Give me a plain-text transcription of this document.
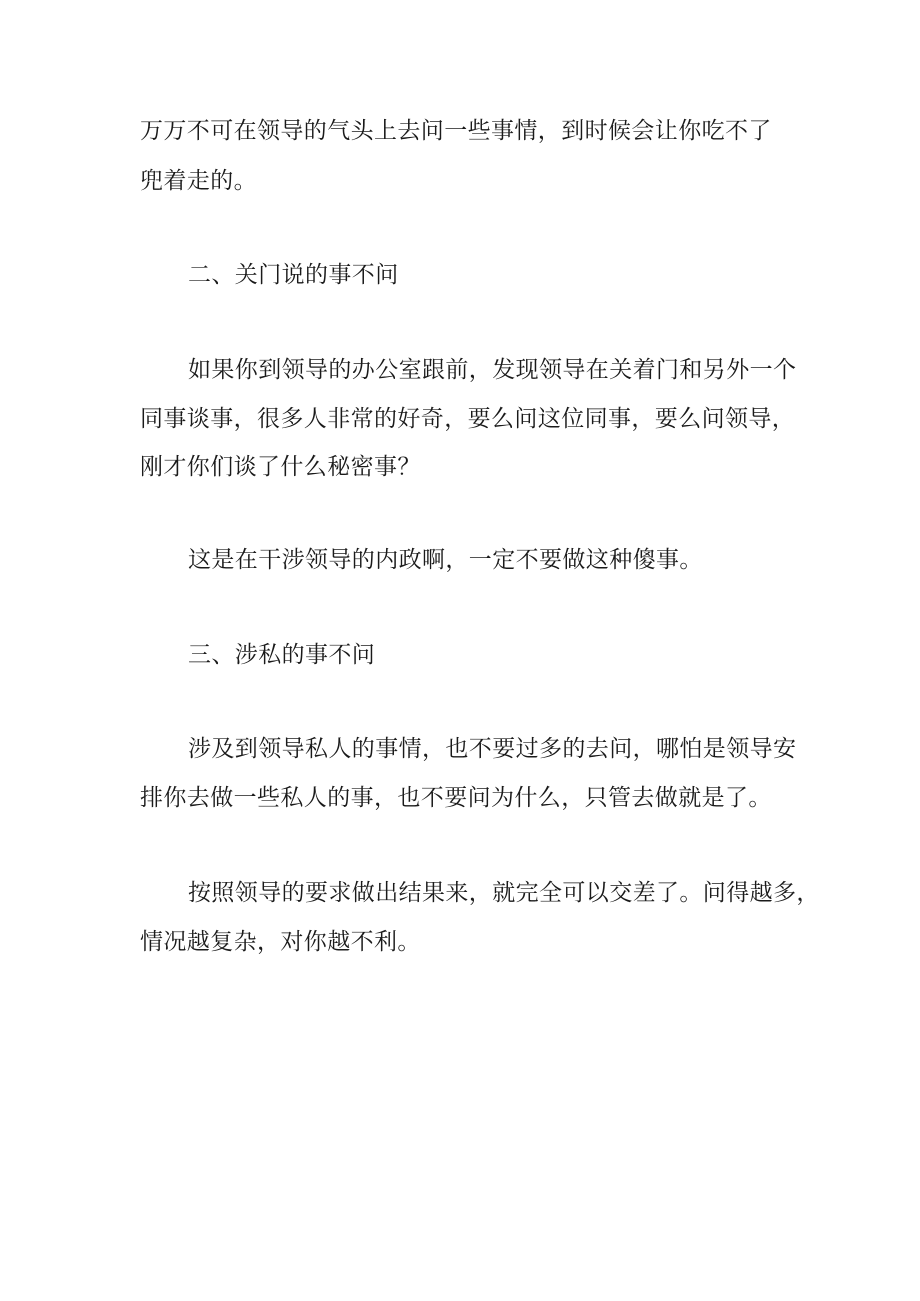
万万不可在领导的气头上去问一些事情，到时候会让你吃不了
兜着走的。
二、关门说的事不问
如果你到领导的办公室跟前，发现领导在关着门和另外一个
同事谈事，很多人非常的好奇，要么问这位同事，要么问领导，
刚才你们谈了什么秘密事？
这是在干涉领导的内政啊，一定不要做这种傻事。
三、涉私的事不问
涉及到领导私人的事情，也不要过多的去问，哪怕是领导安
排你去做一些私人的事，也不要问为什么，只管去做就是了。
按照领导的要求做出结果来，就完全可以交差了。问得越多，
情况越复杂，对你越不利。
